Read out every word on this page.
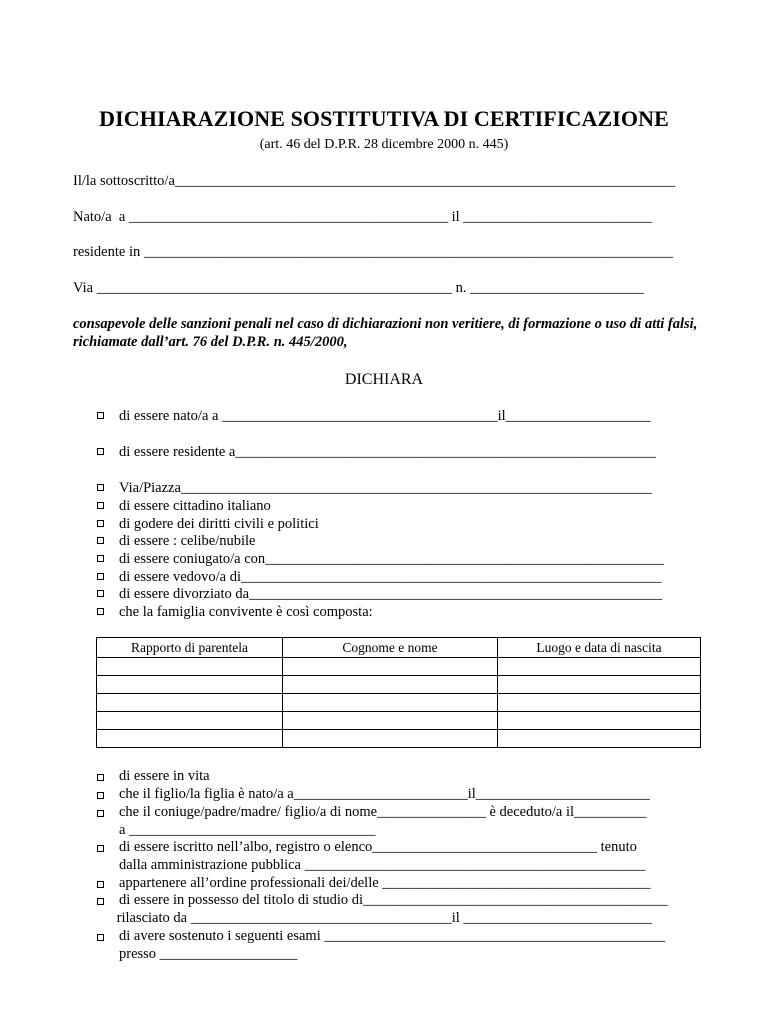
DICHIARAZIONE SOSTITUTIVA DI CERTIFICAZIONE
(art. 46 del D.P.R. 28 dicembre 2000 n. 445)
Il/la sottoscritto/a_____________________________________________________________________
Nato/a  a ____________________________________________ il __________________________
residente in _________________________________________________________________________
Via _________________________________________________ n. ________________________
consapevole delle sanzioni penali nel caso di dichiarazioni non veritiere, di formazione o uso di atti falsi, richiamate dall’art. 76 del D.P.R. n. 445/2000,
DICHIARA
di essere nato/a a ______________________________________il____________________
di essere residente a__________________________________________________________
Via/Piazza_________________________________________________________________
di essere cittadino italiano
di godere dei diritti civili e politici
di essere : celibe/nubile
di essere coniugato/a con_______________________________________________________
di essere vedovo/a di__________________________________________________________
di essere divorziato da_________________________________________________________
che la famiglia convivente è così composta:
Rapporto di parentela	Cognome e nome	Luogo e data di nascita

di essere in vita
che il figlio/la figlia è nato/a a________________________il________________________
che il coniuge/padre/madre/ figlio/a di nome_______________ è deceduto/a il__________
a __________________________________
di essere iscritto nell’albo, registro o elenco_______________________________ tenuto
dalla amministrazione pubblica _______________________________________________
appartenere all’ordine professionali dei/delle _____________________________________
di essere in possesso del titolo di studio di__________________________________________
rilasciato da ____________________________________il __________________________
di avere sostenuto i seguenti esami _______________________________________________
presso ___________________
